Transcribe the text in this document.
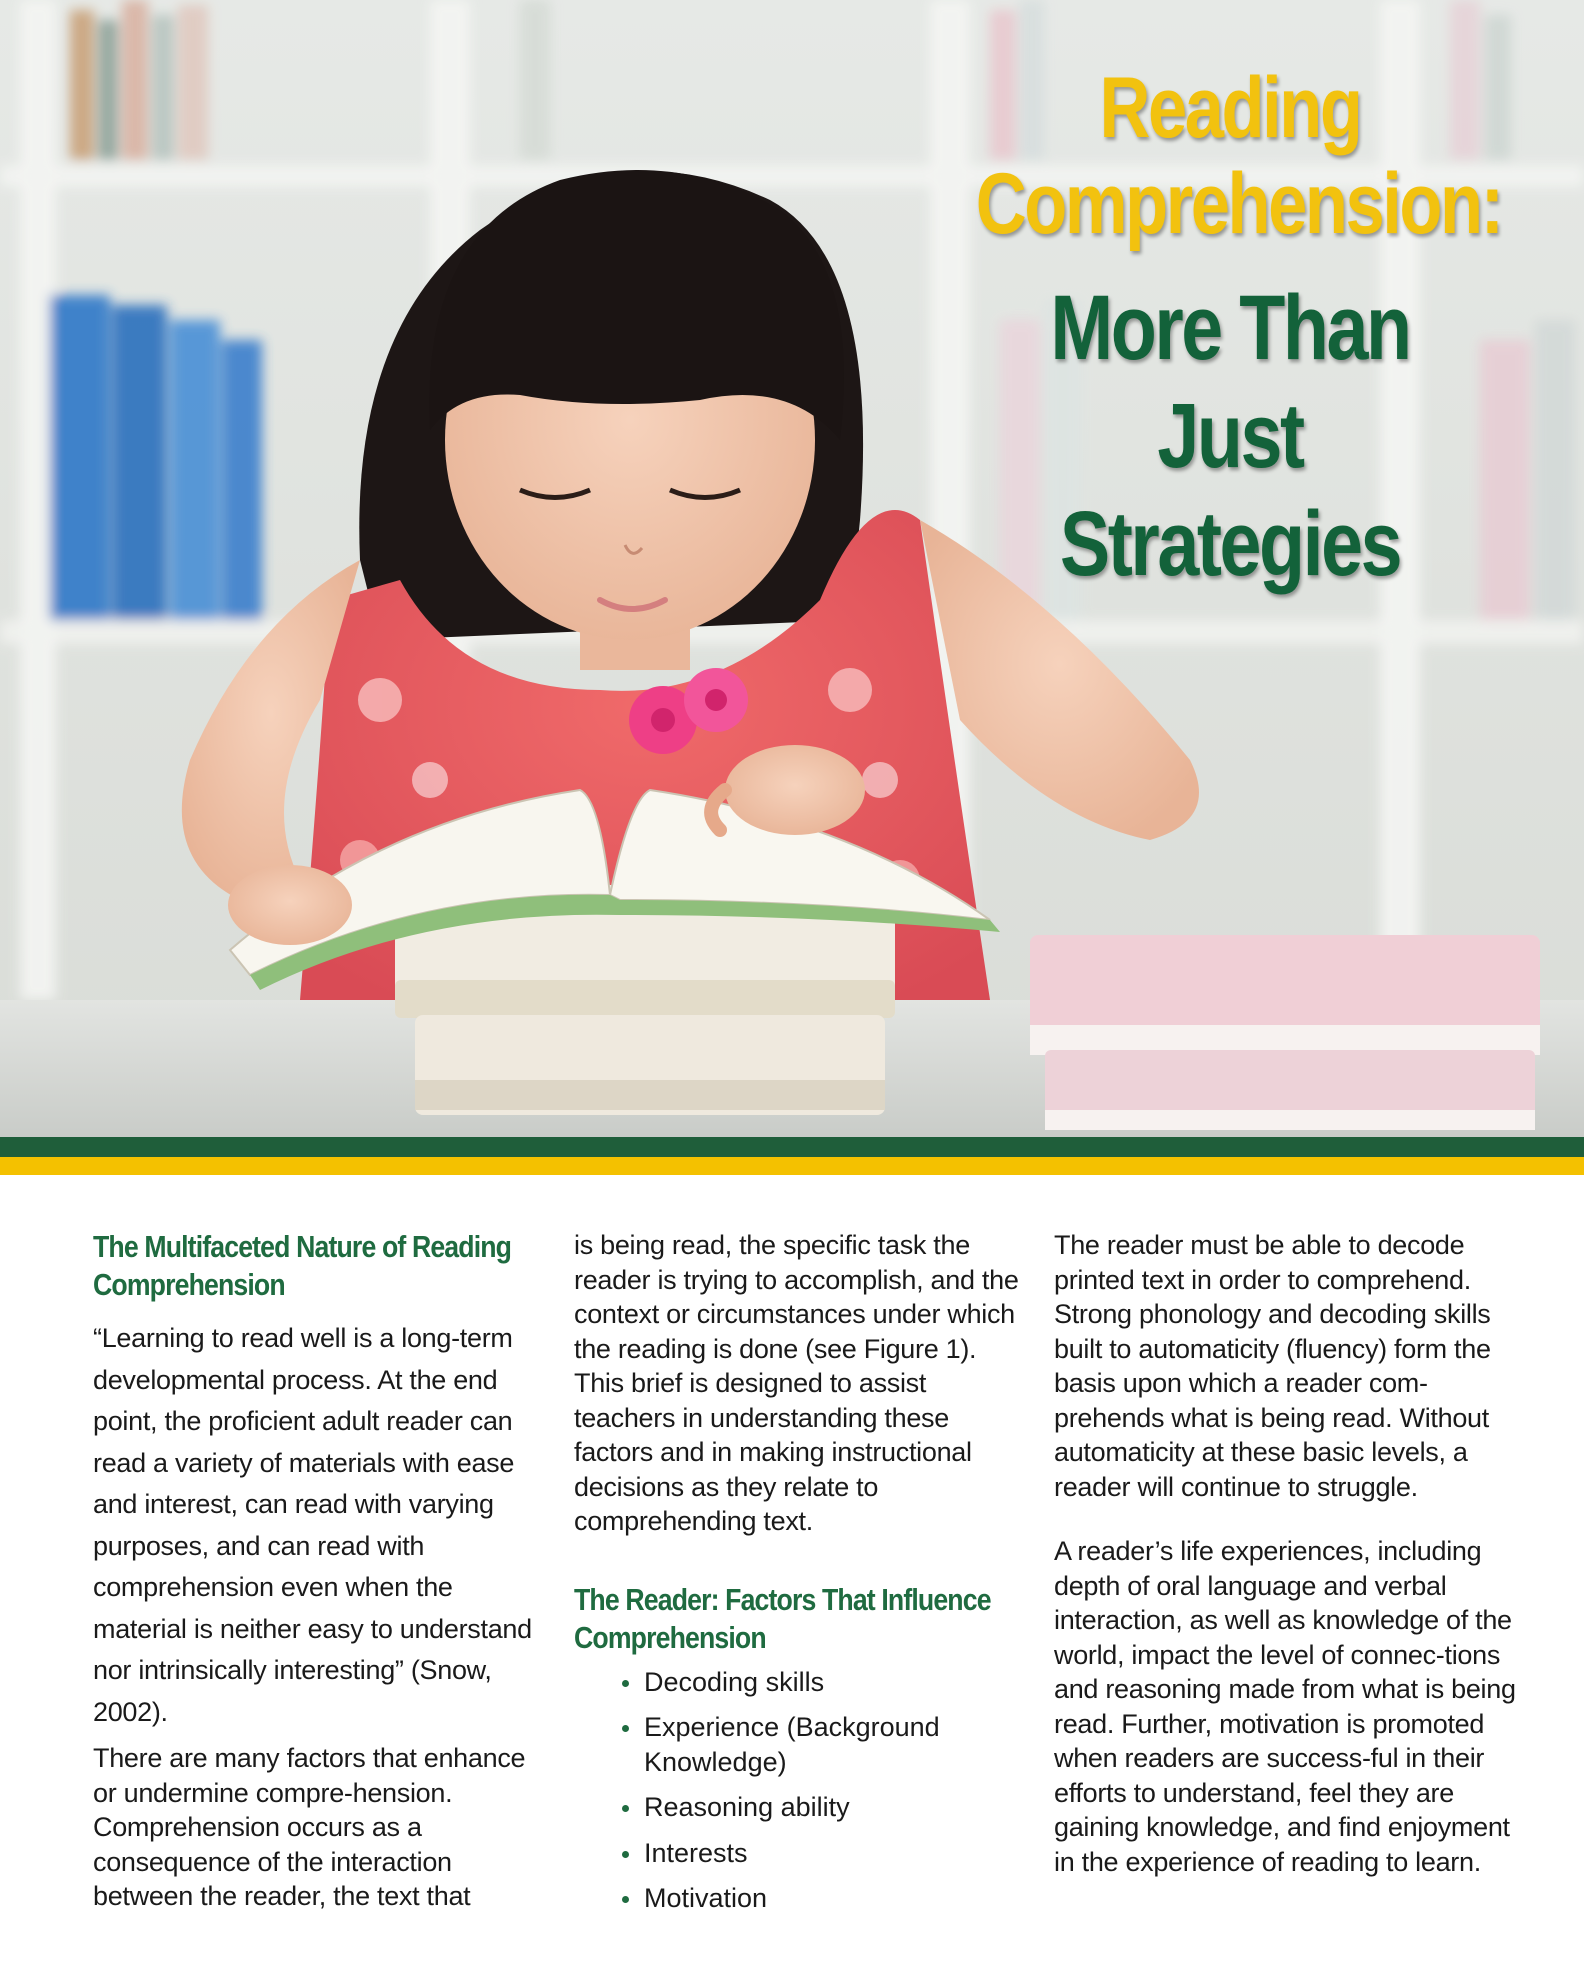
Reading
Comprehension:
More Than Just
Strategies
The Multifaceted Nature of Reading Comprehension

“Learning to read well is a long-term developmental process. At the end point, the proficient adult reader can read a variety of materials with ease and interest, can read with varying purposes, and can read with comprehension even when the material is neither easy to understand nor intrinsically interesting” (Snow, 2002).

There are many factors that enhance or undermine compre-hension. Comprehension occurs as a consequence of the interaction between the reader, the text that

is being read, the specific task the reader is trying to accomplish, and the context or circumstances under which the reading is done (see Figure 1). This brief is designed to assist teachers in understanding these factors and in making instructional decisions as they relate to comprehending text.

The Reader: Factors That Influence Comprehension
Decoding skills
Experience (Background Knowledge)
Reasoning ability
Interests
Motivation

The reader must be able to decode printed text in order to comprehend. Strong phonology and decoding skills built to automaticity (fluency) form the basis upon which a reader com-prehends what is being read. Without automaticity at these basic levels, a reader will continue to struggle.

A reader’s life experiences, including depth of oral language and verbal interaction, as well as knowledge of the world, impact the level of connec-tions and reasoning made from what is being read. Further, motivation is promoted when readers are success-ful in their efforts to understand, feel they are gaining knowledge, and find enjoyment in the experience of reading to learn.
